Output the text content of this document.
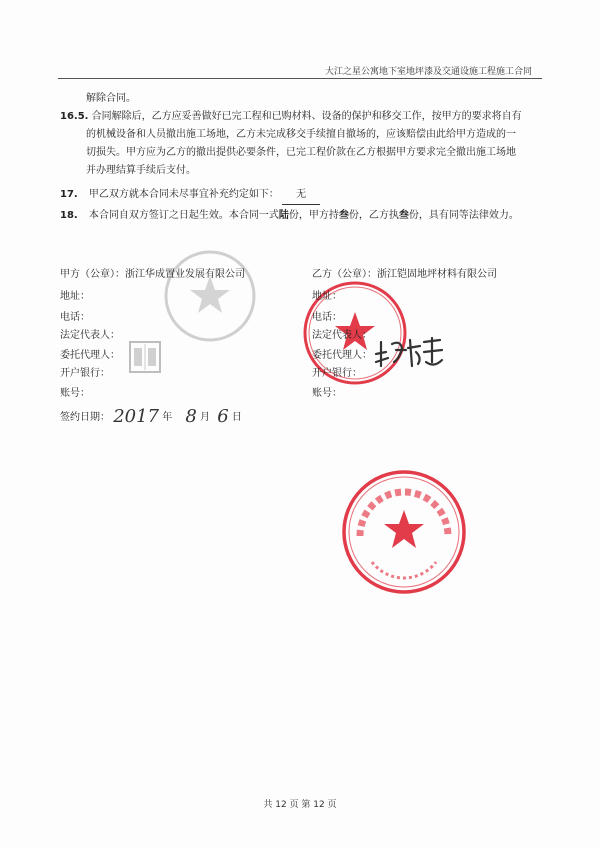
大江之星公寓地下室地坪漆及交通设施工程施工合同
解除合同。
16.5. 合同解除后，乙方应妥善做好已完工程和已购材料、设备的保护和移交工作，按甲方的要求将自有
的机械设备和人员撤出施工场地，乙方未完成移交手续擅自撤场的，应该赔偿由此给甲方造成的一
切损失。甲方应为乙方的撤出提供必要条件，已完工程价款在乙方根据甲方要求完全撤出施工场地
并办理结算手续后支付。
17. 甲乙双方就本合同未尽事宜补充约定如下： 无
18. 本合同自双方签订之日起生效。本合同一式陆份，甲方持叁份，乙方执叁份，具有同等法律效力。
甲方（公章）：浙江华成置业发展有限公司
地址：
电话：
法定代表人：
委托代理人：
开户银行：
账号：
签约日期： 2017 年 8 月 6 日
乙方（公章）：浙江铠固地坪材料有限公司
地址：
电话：
法定代表人：
委托代理人：
开户银行：
账号：
共 12 页 第 12 页
